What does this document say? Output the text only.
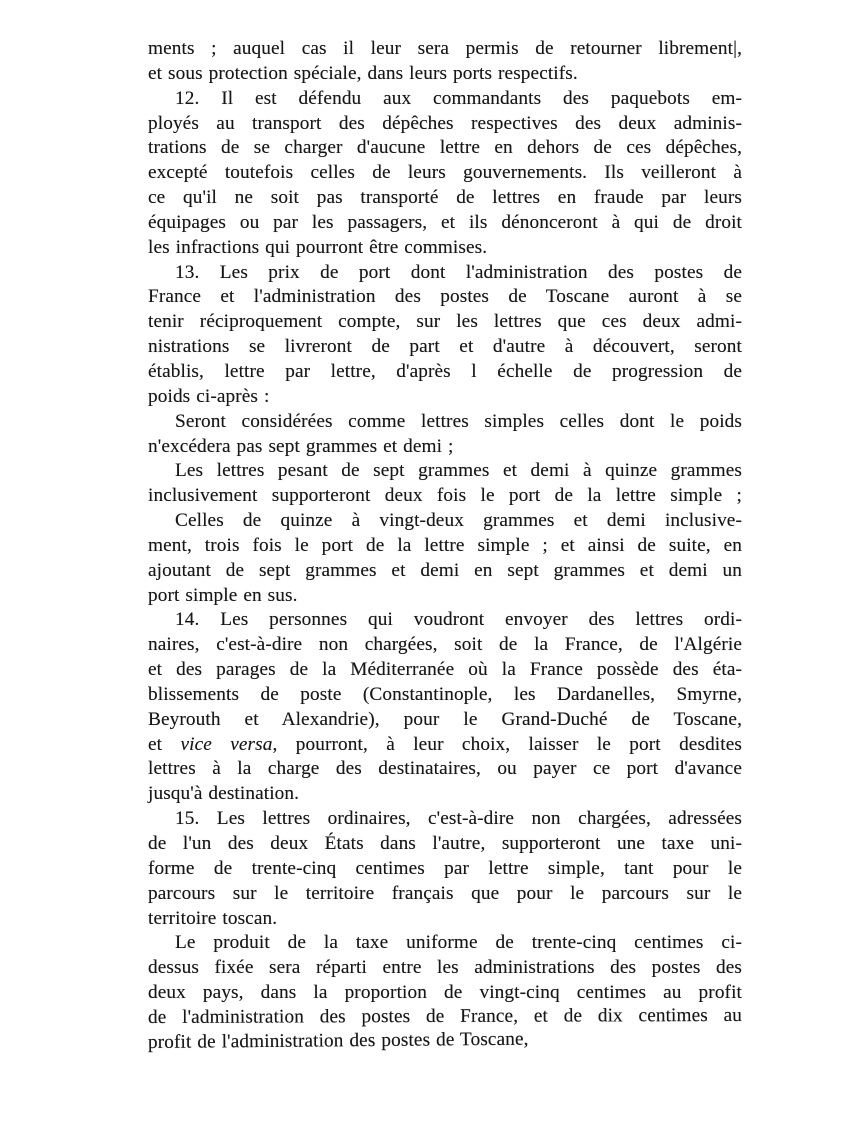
ments ; auquel cas il leur sera permis de retourner librement|,
et sous protection spéciale, dans leurs ports respectifs.
12. Il est défendu aux commandants des paquebots em-
ployés au transport des dépêches respectives des deux adminis-
trations de se charger d'aucune lettre en dehors de ces dépêches,
excepté toutefois celles de leurs gouvernements. Ils veilleront à
ce qu'il ne soit pas transporté de lettres en fraude par leurs
équipages ou par les passagers, et ils dénonceront à qui de droit
les infractions qui pourront être commises.
13. Les prix de port dont l'administration des postes de
France et l'administration des postes de Toscane auront à se
tenir réciproquement compte, sur les lettres que ces deux admi-
nistrations se livreront de part et d'autre à découvert, seront
établis, lettre par lettre, d'après l échelle de progression de
poids ci-après :
Seront considérées comme lettres simples celles dont le poids
n'excédera pas sept grammes et demi ;
Les lettres pesant de sept grammes et demi à quinze grammes
inclusivement supporteront deux fois le port de la lettre simple ;
Celles de quinze à vingt-deux grammes et demi inclusive-
ment, trois fois le port de la lettre simple ; et ainsi de suite, en
ajoutant de sept grammes et demi en sept grammes et demi un
port simple en sus.
14. Les personnes qui voudront envoyer des lettres ordi-
naires, c'est-à-dire non chargées, soit de la France, de l'Algérie
et des parages de la Méditerranée où la France possède des éta-
blissements de poste (Constantinople, les Dardanelles, Smyrne,
Beyrouth et Alexandrie), pour le Grand-Duché de Toscane,
et vice versa, pourront, à leur choix, laisser le port desdites
lettres à la charge des destinataires, ou payer ce port d'avance
jusqu'à destination.
15. Les lettres ordinaires, c'est-à-dire non chargées, adressées
de l'un des deux États dans l'autre, supporteront une taxe uni-
forme de trente-cinq centimes par lettre simple, tant pour le
parcours sur le territoire français que pour le parcours sur le
territoire toscan.
Le produit de la taxe uniforme de trente-cinq centimes ci-
dessus fixée sera réparti entre les administrations des postes des
deux pays, dans la proportion de vingt-cinq centimes au profit
de l'administration des postes de France, et de dix centimes au
profit de l'administration des postes de Toscane,
